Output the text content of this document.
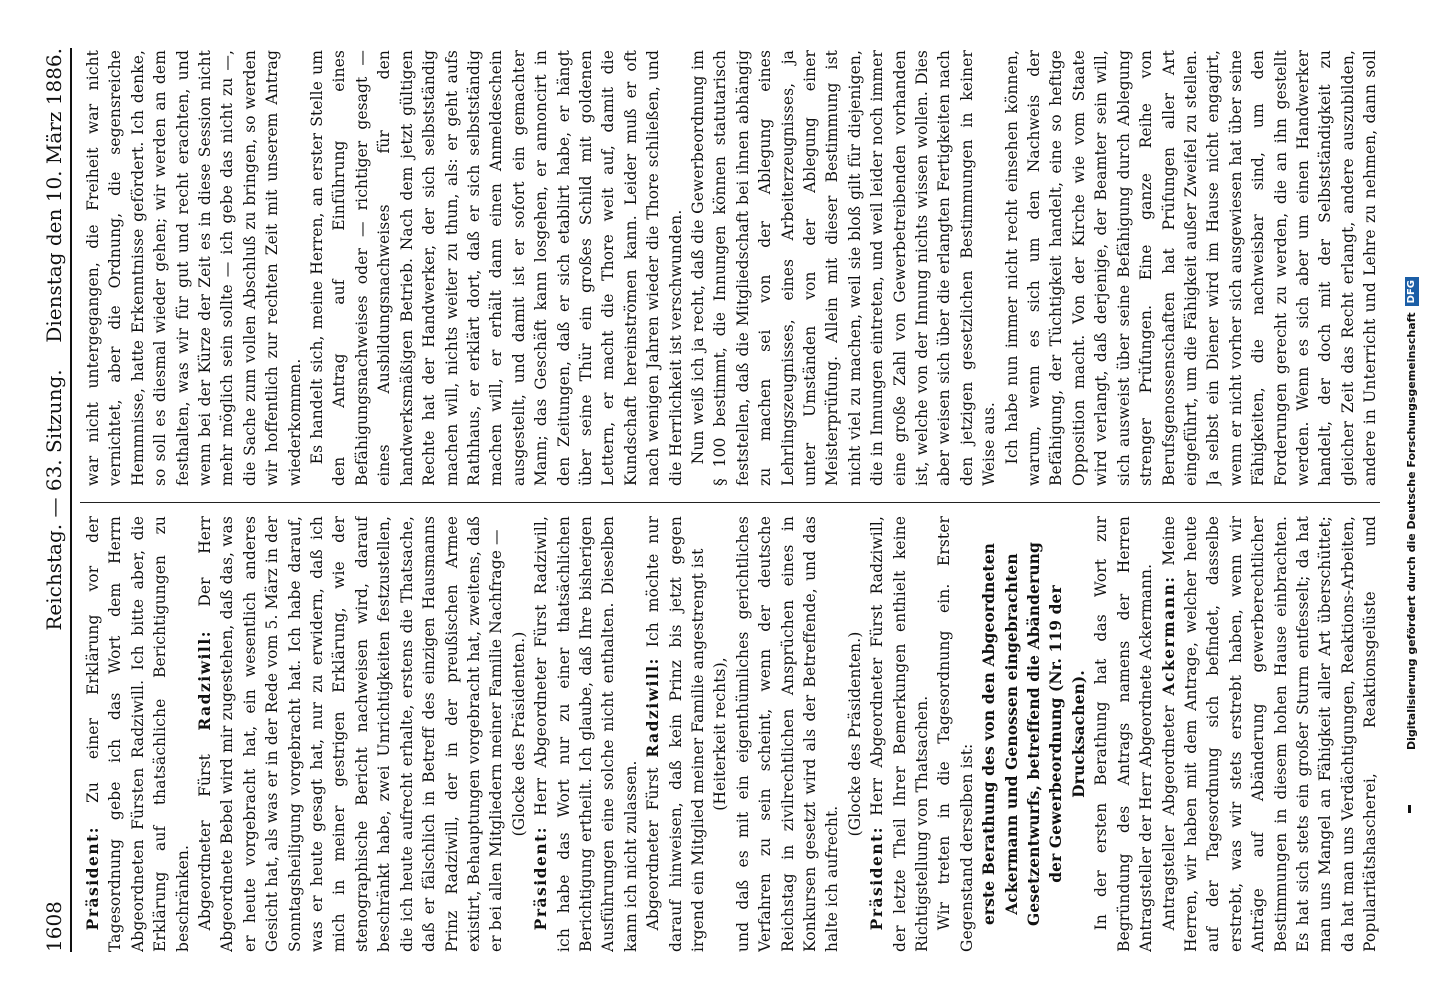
1608
Reichstag. — 63. Sitzung.
Dienstag den 10. März 1886.

Präsident: Zu einer Erklärung vor der Tagesordnung gebe ich das Wort dem Herrn Abgeordneten Fürsten Radziwill. Ich bitte aber, die Erklärung auf thatsächliche Berichtigungen zu beschränken. Abgeordneter Fürst Radziwill: Der Herr Abgeordnete Bebel wird mir zugestehen, daß das, was er heute vorgebracht hat, ein wesentlich anderes Gesicht hat, als was er in der Rede vom 5. März in der Sonntagsheiligung vorgebracht hat. Ich habe darauf, was er heute gesagt hat, nur zu erwidern, daß ich mich in meiner gestrigen Erklärung, wie der stenographische Bericht nachweisen wird, darauf beschränkt habe, zwei Unrichtigkeiten festzustellen, die ich heute aufrecht erhalte, erstens die Thatsache, daß er fälschlich in Betreff des einzigen Hausmanns Prinz Radziwill, der in der preußischen Armee existirt, Behauptungen vorgebracht hat, zweitens, daß er bei allen Mitgliedern meiner Familie Nachfrage — (Glocke des Präsidenten.)

Präsident: Herr Abgeordneter Fürst Radziwill, ich habe das Wort nur zu einer thatsächlichen Berichtigung ertheilt. Ich glaube, daß Ihre bisherigen Ausführungen eine solche nicht enthalten. Dieselben kann ich nicht zulassen. Abgeordneter Fürst Radziwill: Ich möchte nur darauf hinweisen, daß kein Prinz bis jetzt gegen irgend ein Mitglied meiner Familie angestrengt ist (Heiterkeit rechts), und daß es mit ein eigenthümliches gerichtliches Verfahren zu sein scheint, wenn der deutsche Reichstag in zivilrechtlichen Ansprüchen eines in Konkursen gesetzt wird als der Betreffende, und das halte ich aufrecht.

(Glocke des Präsidenten.)

Präsident: Herr Abgeordneter Fürst Radziwill, der letzte Theil Ihrer Bemerkungen enthielt keine Richtigstellung von Thatsachen. Wir treten in die Tagesordnung ein. Erster Gegenstand derselben ist: erste Berathung des von den Abgeordneten Ackermann und Genossen eingebrachten Gesetzentwurfs, betreffend die Abänderung der Gewerbeordnung (Nr. 119 der Drucksachen). In der ersten Berathung hat das Wort zur Begründung des Antrags namens der Herren Antragsteller der Herr Abgeordnete Ackermann. Antragsteller Abgeordneter Ackermann: Meine Herren, wir haben mit dem Antrage, welcher heute auf der Tagesordnung sich befindet, dasselbe erstrebt, was wir stets erstrebt haben, wenn wir Anträge auf Abänderung gewerberechtlicher Bestimmungen in diesem hohen Hause einbrachten. Es hat sich stets ein großer Sturm entfesselt; da hat man uns Mangel an Fähigkeit aller Art überschüttet; da hat man uns Verdächtigungen, Reaktions-Arbeiten, Popularitätshascherei, Reaktionsgelüste und

war nicht untergegangen, die Freiheit war nicht vernichtet, aber die Ordnung, die segensreiche Hemmnisse, hatte Erkenntnisse gefördert. Ich denke, so soll es diesmal wieder gehen; wir werden an dem festhalten, was wir für gut und recht erachten, und wenn bei der Kürze der Zeit es in diese Session nicht mehr möglich sein sollte — ich gebe das nicht zu —, die Sache zum vollen Abschluß zu bringen, so werden wir hoffentlich zur rechten Zeit mit unserem Antrag wiederkommen. Es handelt sich, meine Herren, an erster Stelle um den Antrag auf Einführung eines Befähigungsnachweises oder — richtiger gesagt — eines Ausbildungsnachweises für den handwerksmäßigen Betrieb. Nach dem jetzt gültigen Rechte hat der Handwerker, der sich selbstständig machen will, nichts weiter zu thun, als: er geht aufs Rathhaus, er erklärt dort, daß er sich selbstständig machen will, er erhält dann einen Anmeldeschein ausgestellt, und damit ist er sofort ein gemachter Mann; das Geschäft kann losgehen, er annoncirt in den Zeitungen, daß er sich etablirt habe, er hängt über seine Thür ein großes Schild mit goldenen Lettern, er macht die Thore weit auf, damit die Kundschaft hereinströmen kann. Leider muß er oft nach wenigen Jahren wieder die Thore schließen, und die Herrlichkeit ist verschwunden. Nun weiß ich ja recht, daß die Gewerbeordnung im § 100 bestimmt, die Innungen können statutarisch feststellen, daß die Mitgliedschaft bei ihnen abhängig zu machen sei von der Ablegung eines Lehrlingszeugnisses, eines Arbeiterzeugnisses, ja unter Umständen von der Ablegung einer Meisterprüfung. Allein mit dieser Bestimmung ist nicht viel zu machen, weil sie bloß gilt für diejenigen, die in Innungen eintreten, und weil leider noch immer eine große Zahl von Gewerbetreibenden vorhanden ist, welche von der Innung nichts wissen wollen. Dies aber weisen sich über die erlangten Fertigkeiten nach den jetzigen gesetzlichen Bestimmungen in keiner Weise aus. Ich habe nun immer nicht recht einsehen können, warum, wenn es sich um den Nachweis der Befähigung, der Tüchtigkeit handelt, eine so heftige Opposition macht. Von der Kirche wie vom Staate wird verlangt, daß derjenige, der Beamter sein will, sich ausweist über seine Befähigung durch Ablegung strenger Prüfungen. Eine ganze Reihe von Berufsgenossenschaften hat Prüfungen aller Art eingeführt, um die Fähigkeit außer Zweifel zu stellen. Ja selbst ein Diener wird im Hause nicht engagirt, wenn er nicht vorher sich ausgewiesen hat über seine Fähigkeiten, die nachweisbar sind, um den Forderungen gerecht zu werden, die an ihn gestellt werden. Wenn es sich aber um einen Handwerker handelt, der doch mit der Selbstständigkeit zu gleicher Zeit das Recht erlangt, andere auszubilden, andere in Unterricht und Lehre zu nehmen, dann soll

Digitalisierung gefördert durch die Deutsche ForschungsgemeinschaftDFG
